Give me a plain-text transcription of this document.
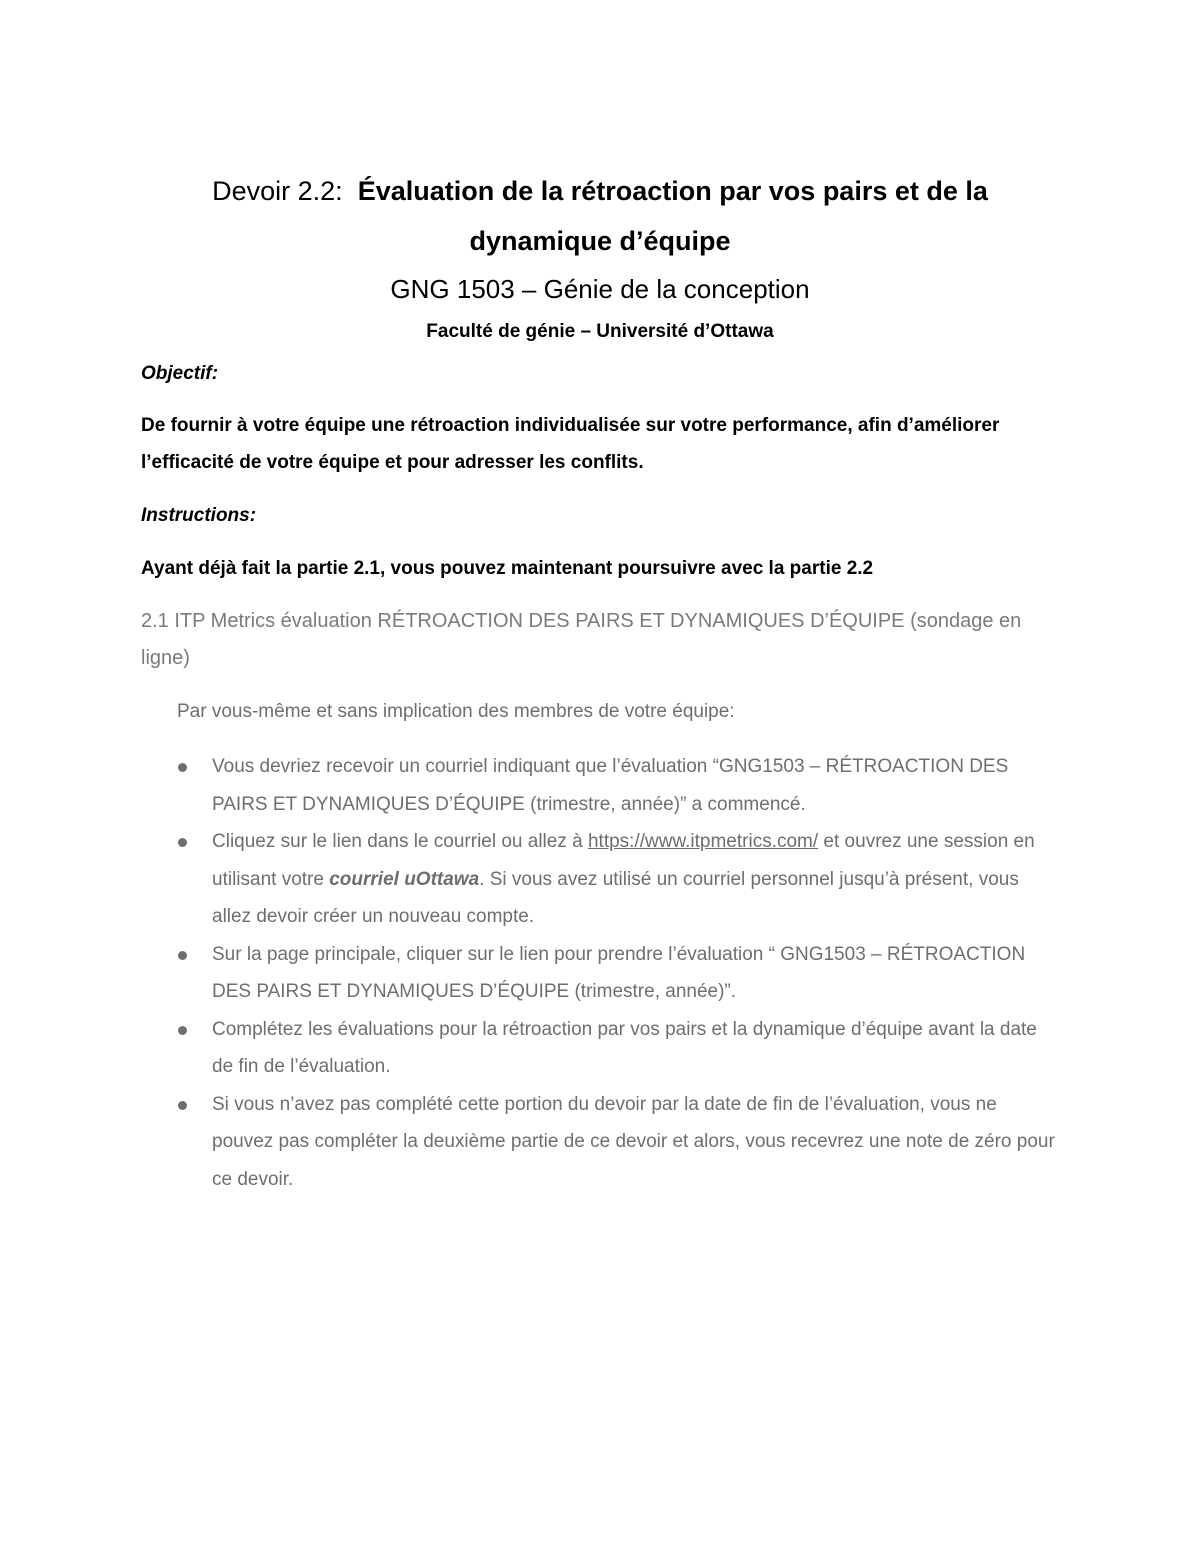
Devoir 2.2: Évaluation de la rétroaction par vos pairs et de la
dynamique d’équipe
GNG 1503 – Génie de la conception
Faculté de génie – Université d’Ottawa

Objectif:

De fournir à votre équipe une rétroaction individualisée sur votre performance, afin d’améliorer l’efficacité de votre équipe et pour adresser les conflits.

Instructions:

Ayant déjà fait la partie 2.1, vous pouvez maintenant poursuivre avec la partie 2.2

2.1 ITP Metrics évaluation RÉTROACTION DES PAIRS ET DYNAMIQUES D’ÉQUIPE (sondage en ligne)

Par vous-même et sans implication des membres de votre équipe:

Vous devriez recevoir un courriel indiquant que l’évaluation “GNG1503 – RÉTROACTION DES PAIRS ET DYNAMIQUES D’ÉQUIPE (trimestre, année)” a commencé.
Cliquez sur le lien dans le courriel ou allez à https://www.itpmetrics.com/ et ouvrez une session en utilisant votre courriel uOttawa. Si vous avez utilisé un courriel personnel jusqu’à présent, vous allez devoir créer un nouveau compte.
Sur la page principale, cliquer sur le lien pour prendre l’évaluation “ GNG1503 – RÉTROACTION DES PAIRS ET DYNAMIQUES D’ÉQUIPE (trimestre, année)”.
Complétez les évaluations pour la rétroaction par vos pairs et la dynamique d’équipe avant la date de fin de l’évaluation.
Si vous n’avez pas complété cette portion du devoir par la date de fin de l’évaluation, vous ne pouvez pas compléter la deuxième partie de ce devoir et alors, vous recevrez une note de zéro pour ce devoir.
